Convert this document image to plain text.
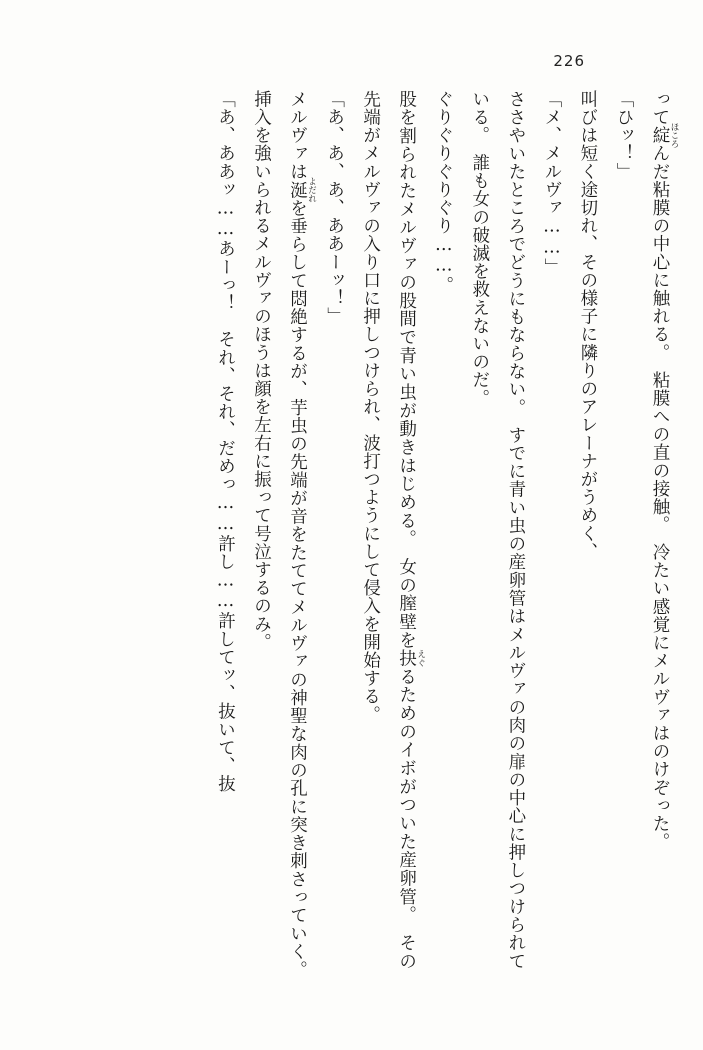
226

って綻 ほころんだ粘膜の中心に触れる。　粘膜への直の接触。　冷たい感覚にメルヴァはのけぞった。

「ひッ！」

叫びは短く途切れ、その様子に隣りのアレーナがうめく、

「メ、メルヴァ……」

ささやいたところでどうにもならない。　すでに青い虫の産卵管はメルヴァの肉の扉の中心に押しつけられている。　誰も女の破滅を救えないのだ。

ぐりぐりぐりぐり……。

股を割られたメルヴァの股間で青い虫が動きはじめる。　女の膣壁を抉 えぐるためのイボがついた産卵管。　その先端がメルヴァの入り口に押しつけられ、波打つようにして侵入を開始する。

「あ、あ、あ、ああーッ！」

メルヴァは涎 よだれを垂らして悶絶するが、芋虫の先端が音をたててメルヴァの神聖な肉の孔に突き刺さっていく。　挿入を強いられるメルヴァのほうは顔を左右に振って号泣するのみ。

「あ、ああッ……あーっ！　それ、それ、だめっ……許し……許してッ、抜いて、抜
